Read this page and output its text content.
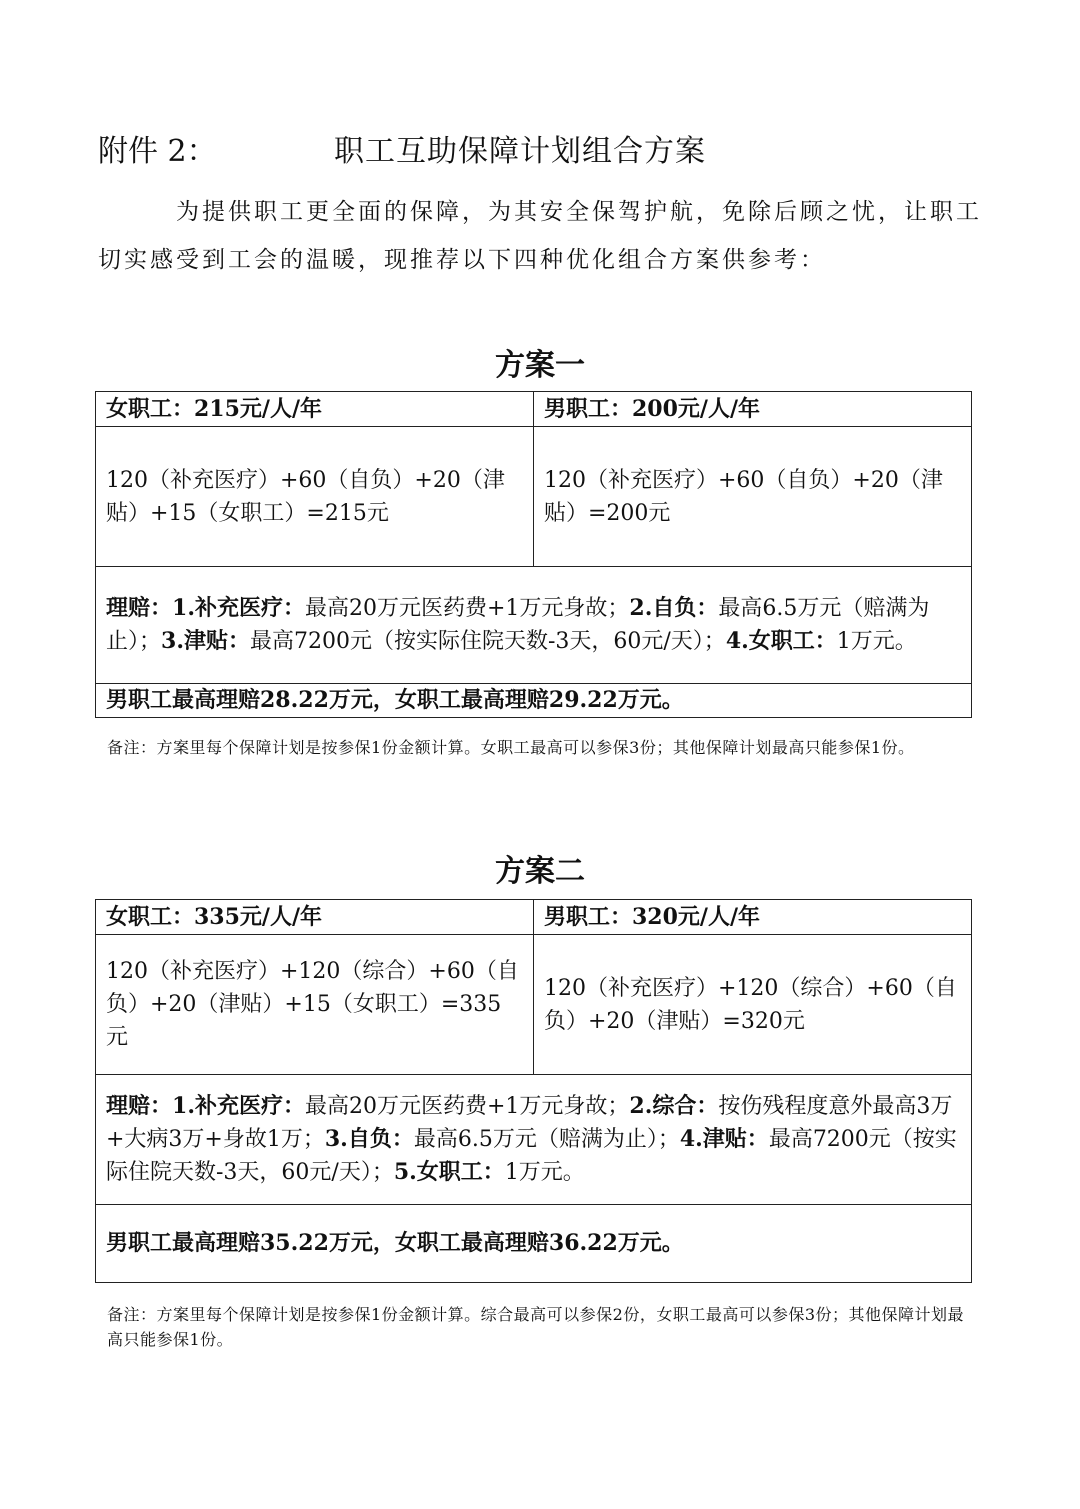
附件 2：	职工互助保障计划组合方案

为提供职工更全面的保障，为其安全保驾护航，免除后顾之忧，让职工切实感受到工会的温暖，现推荐以下四种优化组合方案供参考：

方案一
女职工：215元/人/年	男职工：200元/人/年
120（补充医疗）+60（自负）+20（津贴）+15（女职工）=215元	120（补充医疗）+60（自负）+20（津贴）=200元
理赔：1.补充医疗：最高20万元医药费+1万元身故；2.自负：最高6.5万元（赔满为止）；3.津贴：最高7200元（按实际住院天数-3天，60元/天）；4.女职工：1万元。	
男职工最高理赔28.22万元，女职工最高理赔29.22万元。	

备注：方案里每个保障计划是按参保1份金额计算。女职工最高可以参保3份；其他保障计划最高只能参保1份。

方案二
女职工：335元/人/年	男职工：320元/人/年
120（补充医疗）+120（综合）+60（自负）+20（津贴）+15（女职工）=335元	120（补充医疗）+120（综合）+60（自负）+20（津贴）=320元
理赔：1.补充医疗：最高20万元医药费+1万元身故；2.综合：按伤残程度意外最高3万+大病3万+身故1万；3.自负：最高6.5万元（赔满为止）；4.津贴：最高7200元（按实际住院天数-3天，60元/天）；5.女职工：1万元。	
男职工最高理赔35.22万元，女职工最高理赔36.22万元。	

备注：方案里每个保障计划是按参保1份金额计算。综合最高可以参保2份，女职工最高可以参保3份；其他保障计划最高只能参保1份。
